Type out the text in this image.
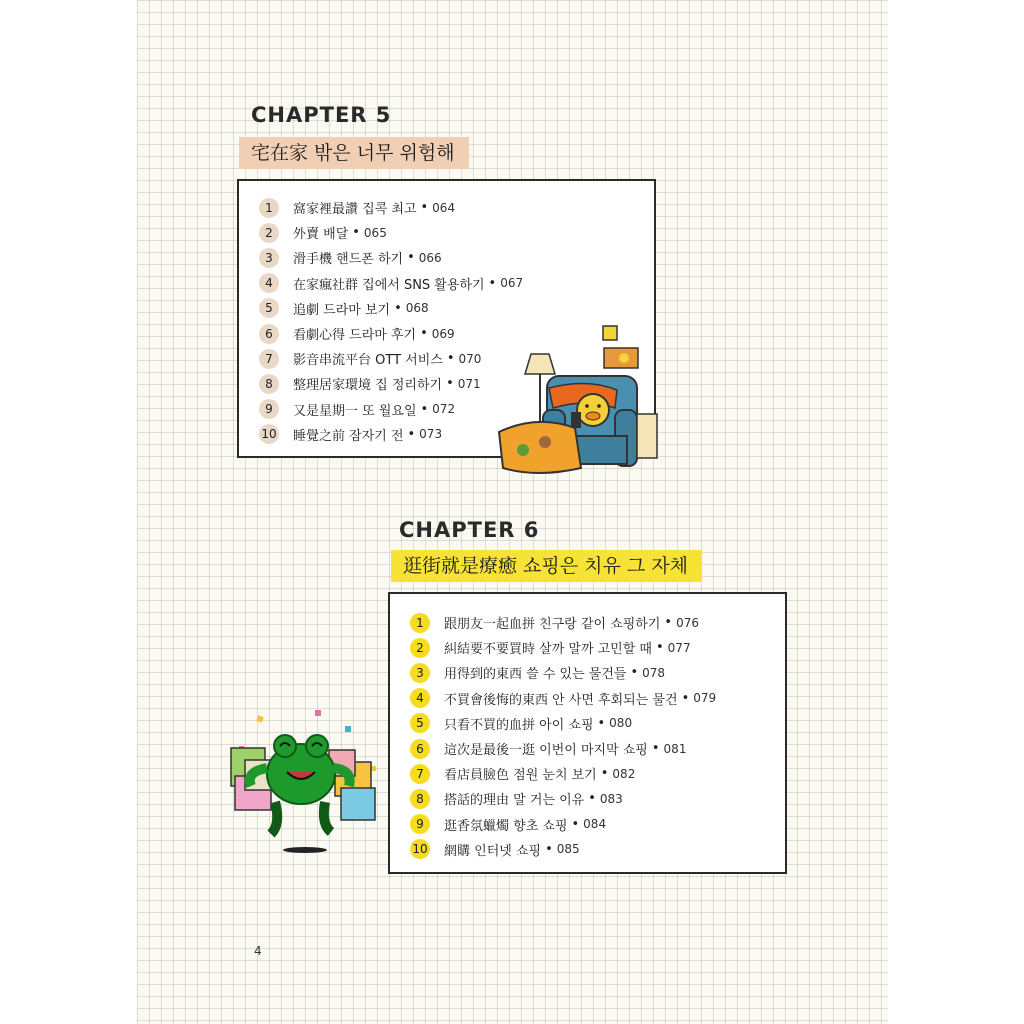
CHAPTER 5
宅在家 밖은 너무 위험해
1	窩家裡最讚 집콕 최고 • 064
2	外賣 배달 • 065
3	滑手機 핸드폰 하기 • 066
4	在家瘋社群 집에서 SNS 활용하기 • 067
5	追劇 드라마 보기 • 068
6	看劇心得 드라마 후기 • 069
7	影音串流平台 OTT 서비스 • 070
8	整理居家環境 집 정리하기 • 071
9	又是星期一 또 월요일 • 072
10 睡覺之前 잠자기 전 • 073
CHAPTER 6
逛街就是療癒 쇼핑은 치유 그 자체
1	跟朋友一起血拼 친구랑 같이 쇼핑하기 • 076
2	糾結要不要買時 살까 말까 고민할 때 • 077
3	用得到的東西 쓸 수 있는 물건들 • 078
4	不買會後悔的東西 안 사면 후회되는 물건 • 079
5	只看不買的血拼 아이 쇼핑 • 080
6	這次是最後一逛 이번이 마지막 쇼핑 • 081
7	看店員臉色 점원 눈치 보기 • 082
8	搭話的理由 말 거는 이유 • 083
9	逛香氛蠟燭 향초 쇼핑 • 084
10 網購 인터넷 쇼핑 • 085
4
